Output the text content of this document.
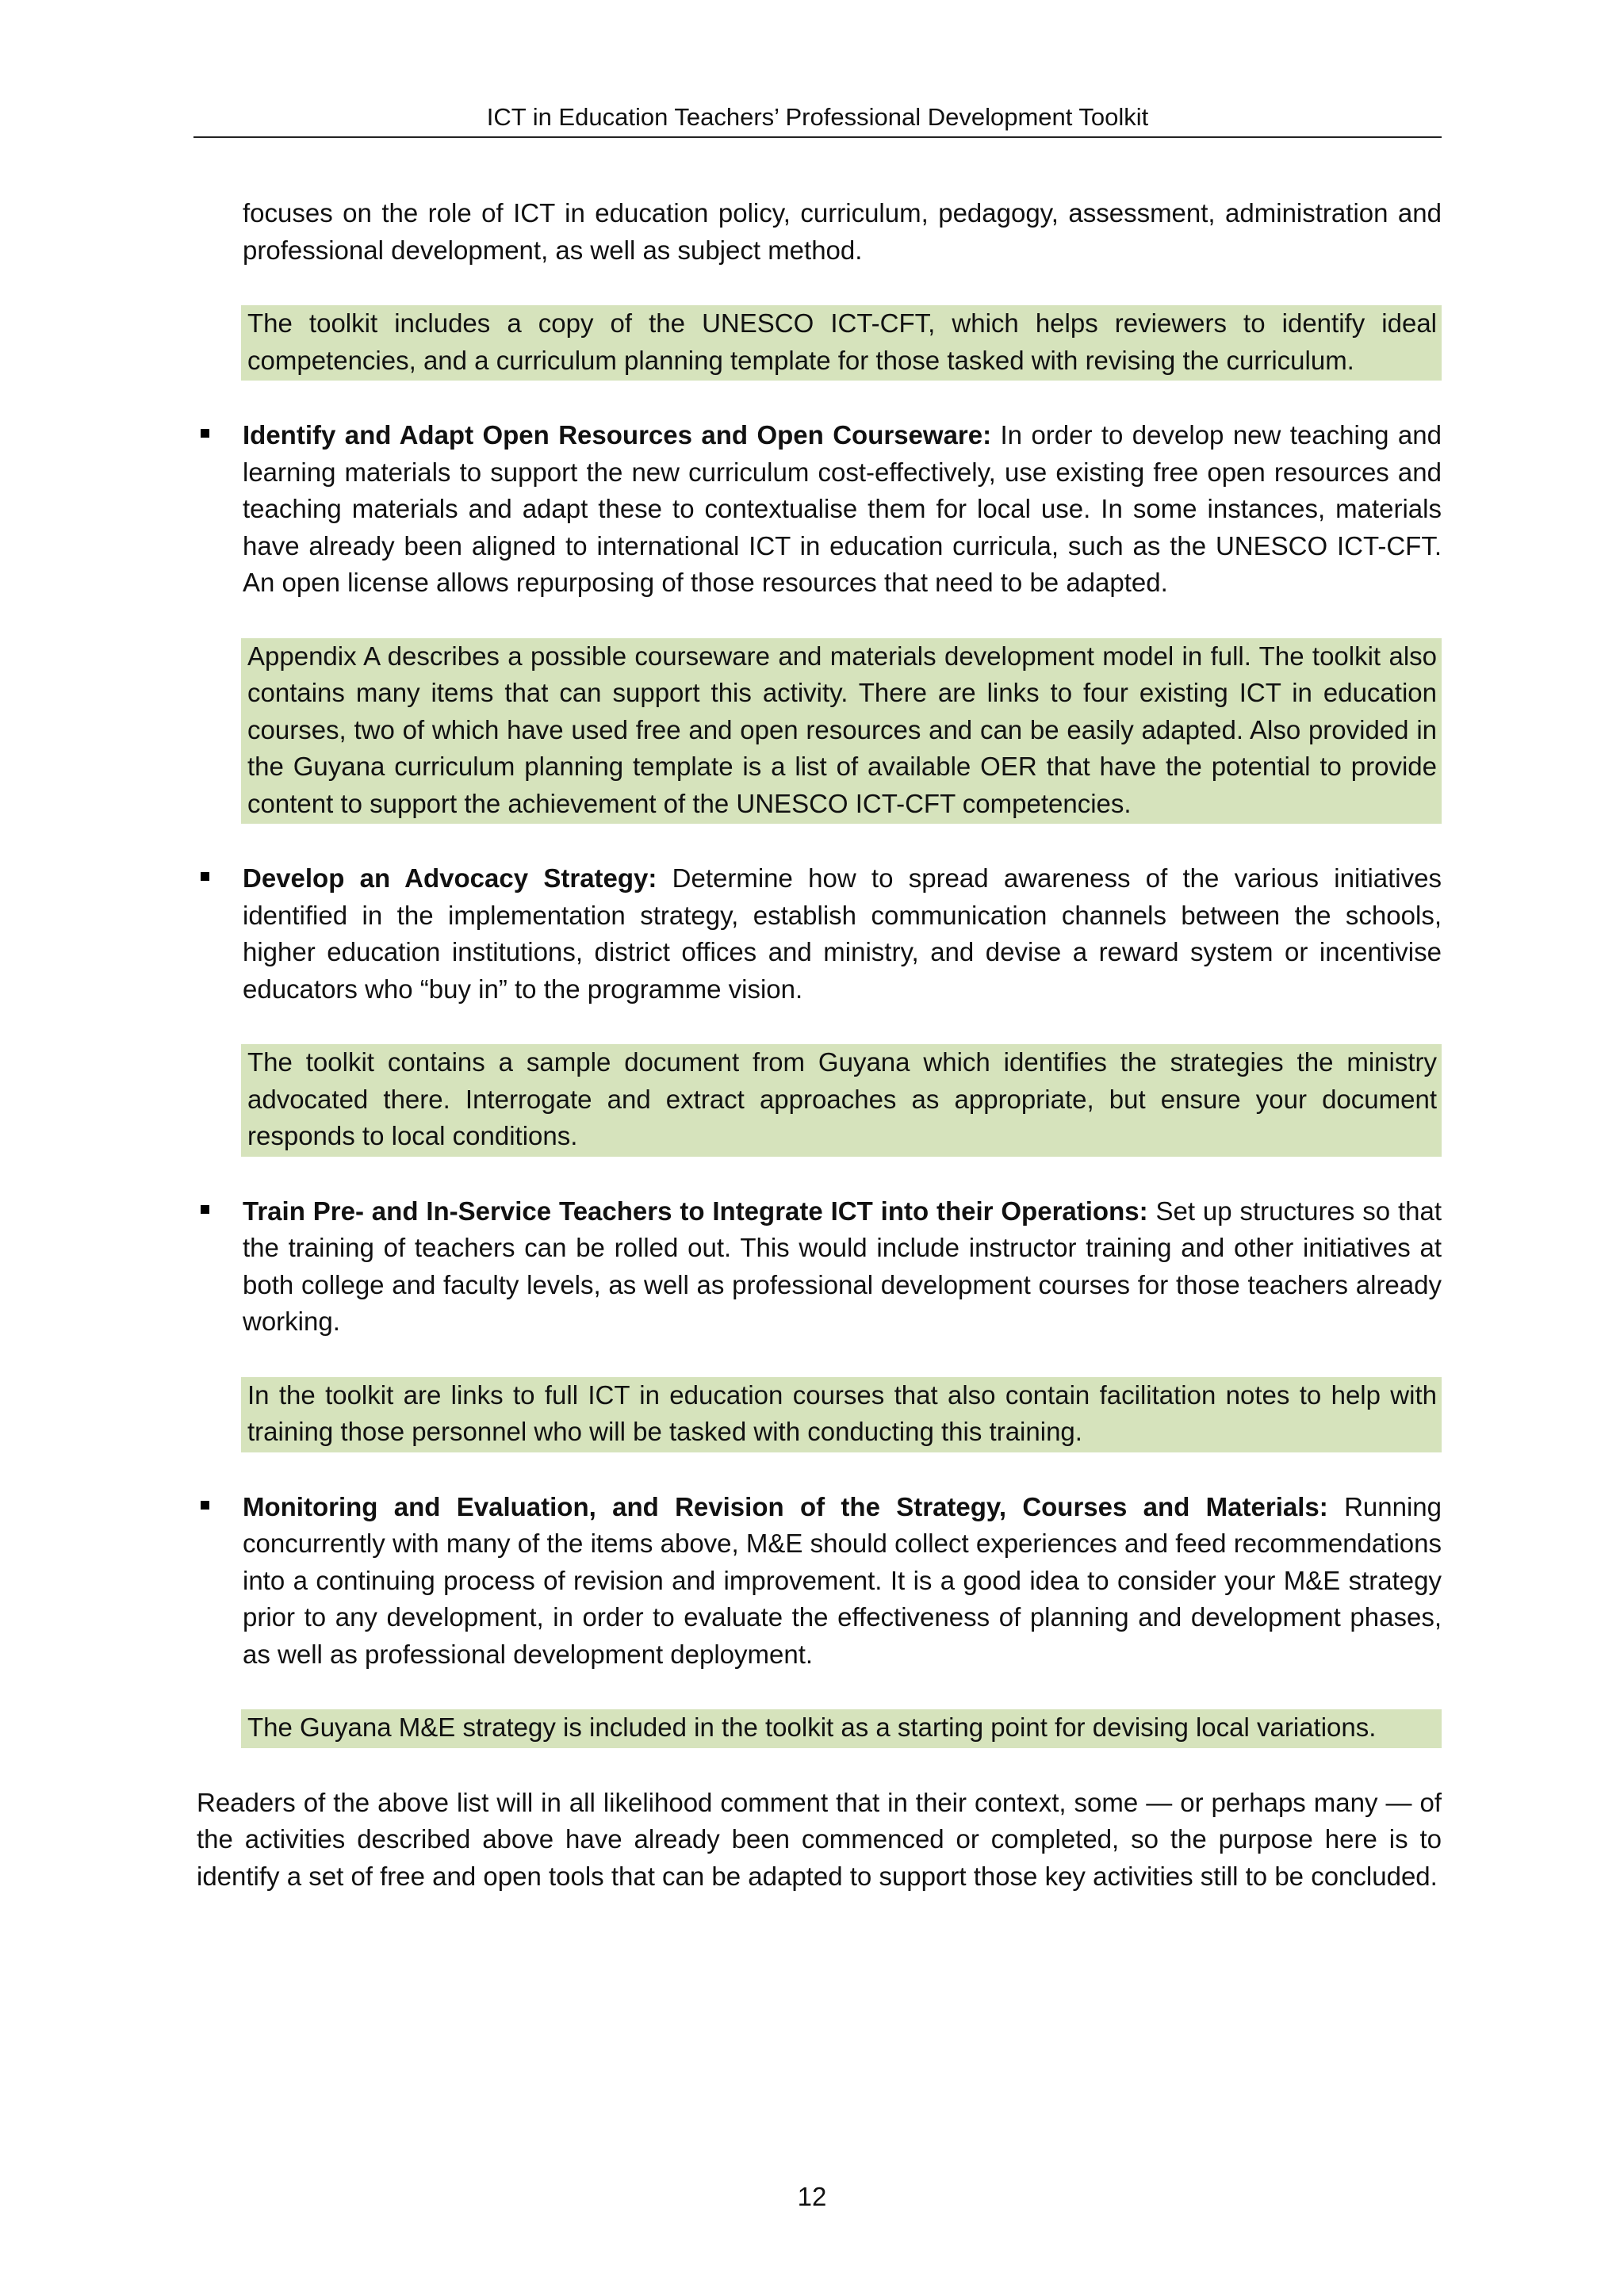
ICT in Education Teachers’ Professional Development Toolkit

focuses on the role of ICT in education policy, curriculum, pedagogy, assessment, administration and professional development, as well as subject method.

The toolkit includes a copy of the UNESCO ICT-CFT, which helps reviewers to identify ideal competencies, and a curriculum planning template for those tasked with revising the curriculum.

Identify and Adapt Open Resources and Open Courseware: In order to develop new teaching and learning materials to support the new curriculum cost-effectively, use existing free open resources and teaching materials and adapt these to contextualise them for local use. In some instances, materials have already been aligned to international ICT in education curricula, such as the UNESCO ICT-CFT. An open license allows repurposing of those resources that need to be adapted.

Appendix A describes a possible courseware and materials development model in full. The toolkit also contains many items that can support this activity. There are links to four existing ICT in education courses, two of which have used free and open resources and can be easily adapted. Also provided in the Guyana curriculum planning template is a list of available OER that have the potential to provide content to support the achievement of the UNESCO ICT-CFT competencies.

Develop an Advocacy Strategy: Determine how to spread awareness of the various initiatives identified in the implementation strategy, establish communication channels between the schools, higher education institutions, district offices and ministry, and devise a reward system or incentivise educators who “buy in” to the programme vision.

The toolkit contains a sample document from Guyana which identifies the strategies the ministry advocated there. Interrogate and extract approaches as appropriate, but ensure your document responds to local conditions.

Train Pre- and In-Service Teachers to Integrate ICT into their Operations: Set up structures so that the training of teachers can be rolled out. This would include instructor training and other initiatives at both college and faculty levels, as well as professional development courses for those teachers already working.

In the toolkit are links to full ICT in education courses that also contain facilitation notes to help with training those personnel who will be tasked with conducting this training.

Monitoring and Evaluation, and Revision of the Strategy, Courses and Materials: Running concurrently with many of the items above, M&E should collect experiences and feed recommendations into a continuing process of revision and improvement. It is a good idea to consider your M&E strategy prior to any development, in order to evaluate the effectiveness of planning and development phases, as well as professional development deployment.

The Guyana M&E strategy is included in the toolkit as a starting point for devising local variations.

Readers of the above list will in all likelihood comment that in their context, some — or perhaps many — of the activities described above have already been commenced or completed, so the purpose here is to identify a set of free and open tools that can be adapted to support those key activities still to be concluded.

12
